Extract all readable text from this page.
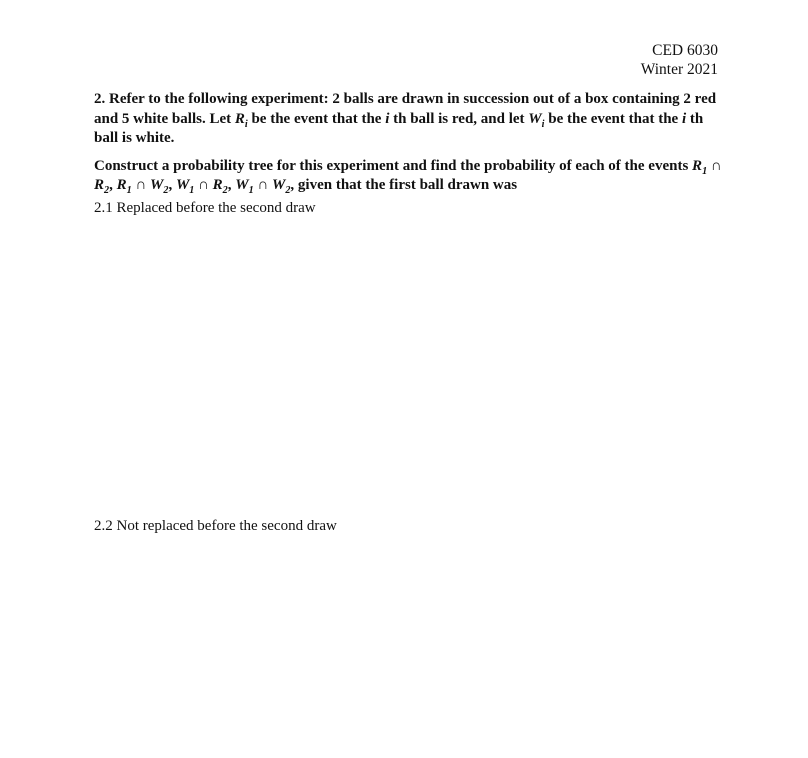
CED 6030
Winter 2021

2. Refer to the following experiment: 2 balls are drawn in succession out of a box containing 2 red and 5 white balls. Let $R_i$ be the event that the i th ball is red, and let $W_i$ be the event that the i th ball is white.

Construct a probability tree for this experiment and find the probability of each of the events $R_1$ ∩ $R_2$, $R_1$ ∩ $W_2$, $W_1$ ∩ $R_2$, $W_1$ ∩ $W_2$, given that the first ball drawn was

2.1 Replaced before the second draw
2.2 Not replaced before the second draw
